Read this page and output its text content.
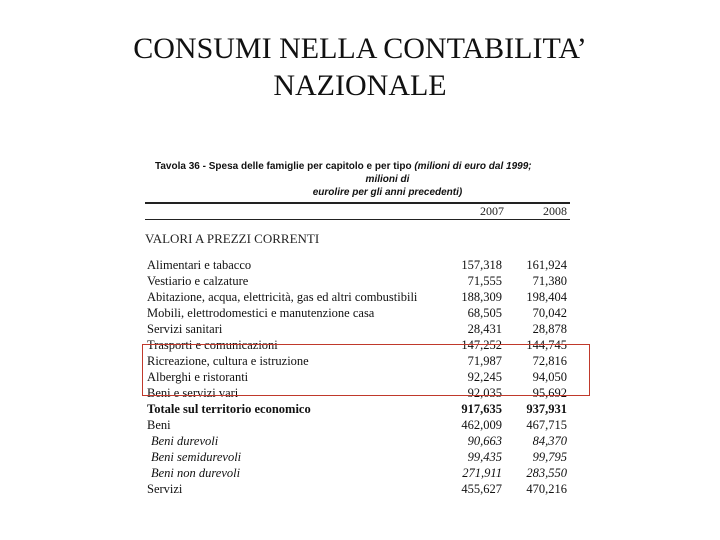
CONSUMI NELLA CONTABILITA’
NAZIONALE
Tavola 36 - Spesa delle famiglie per capitolo e per tipo (milioni di euro dal 1999;
milioni di
eurolire per gli anni precedenti)
2007	2008
VALORI A PREZZI CORRENTI
Alimentari e tabacco	157,318 161,924
Vestiario e calzature	71,555 71,380
Abitazione, acqua, elettricità, gas ed altri combustibili	188,309 198,404
Mobili, elettrodomestici e manutenzione casa	68,505 70,042
Servizi sanitari	28,431 28,878
Trasporti e comunicazioni	147,252 144,745
Ricreazione, cultura e istruzione	71,987 72,816
Alberghi e ristoranti	92,245 94,050
Beni e servizi vari	92,035 95,692
Totale sul territorio economico	917,635 937,931
Beni	462,009 467,715
Beni durevoli	90,663 84,370
Beni semidurevoli	99,435 99,795
Beni non durevoli	271,911 283,550
Servizi	455,627 470,216
